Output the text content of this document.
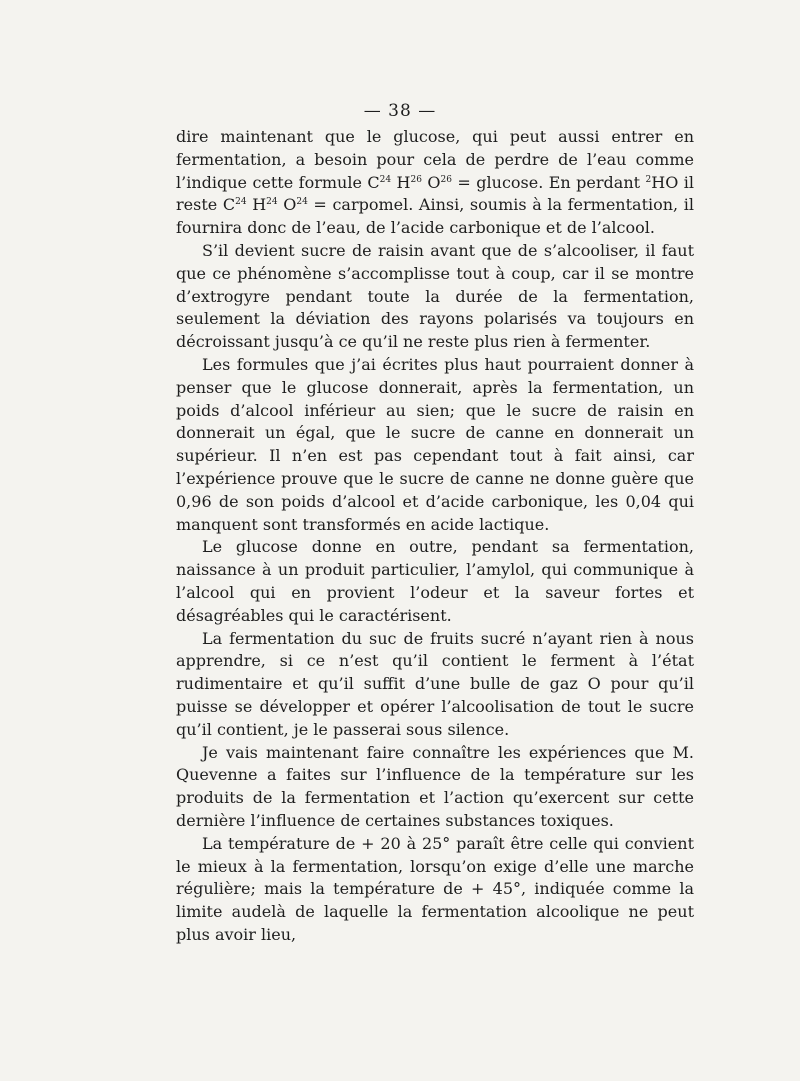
— 38 —

dire maintenant que le glucose, qui peut aussi entrer en fermentation, a besoin pour cela de perdre de l’eau comme l’indique cette formule $C^{24}$ $H^{26}$ $O^{26} = glucose$. En perdant $^2$HO il reste $C^{24}$ $H^{24}$ $O^{24}$ = carpomel. Ainsi, soumis à la fermentation, il fournira donc de l’eau, de l’acide carbonique et de l’alcool.

S’il devient sucre de raisin avant que de s’alcooliser, il faut que ce phénomène s’accomplisse tout à coup, car il se montre d’extrogyre pendant toute la durée de la fermentation, seulement la déviation des rayons polarisés va toujours en décroissant jusqu’à ce qu’il ne reste plus rien à fermenter.

Les formules que j’ai écrites plus haut pourraient donner à penser que le glucose donnerait, après la fermentation, un poids d’alcool inférieur au sien; que le sucre de raisin en donnerait un égal, que le sucre de canne en donnerait un supérieur. Il n’en est pas cependant tout à fait ainsi, car l’expérience prouve que le sucre de canne ne donne guère que 0,96 de son poids d’alcool et d’acide carbonique, les 0,04 qui manquent sont transformés en acide lactique.

Le glucose donne en outre, pendant sa fermentation, naissance à un produit particulier, l’amylol, qui communique à l’alcool qui en provient l’odeur et la saveur fortes et désagréables qui le caractérisent.

La fermentation du suc de fruits sucré n’ayant rien à nous apprendre, si ce n’est qu’il contient le ferment à l’état rudimentaire et qu’il suffit d’une bulle de gaz O pour qu’il puisse se développer et opérer l’alcoolisation de tout le sucre qu’il contient, je le passerai sous silence.

Je vais maintenant faire connaître les expériences que M. Quevenne a faites sur l’influence de la température sur les produits de la fermentation et l’action qu’exercent sur cette dernière l’influence de certaines substances toxiques.

La température de + 20 à 25° paraît être celle qui convient le mieux à la fermentation, lorsqu’on exige d’elle une marche régulière; mais la température de + 45°, indiquée comme la limite audelà de laquelle la fermentation alcoolique ne peut plus avoir lieu,
